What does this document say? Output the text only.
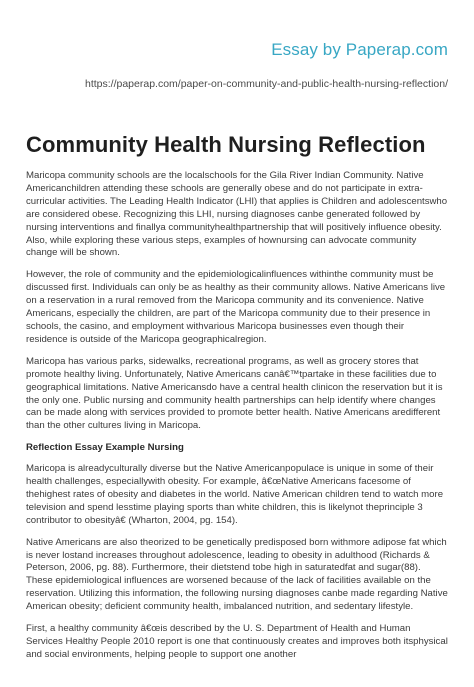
Essay by Paperap.com
https://paperap.com/paper-on-community-and-public-health-nursing-reflection/
Community Health Nursing Reflection

Maricopa community schools are the localschools for the Gila River Indian Community. Native Americanchildren attending these schools are generally obese and do not participate in extra-curricular activities. The Leading Health Indicator (LHI) that applies is Children and adolescentswho are considered obese. Recognizing this LHI, nursing diagnoses canbe generated followed by nursing interventions and finallya communityhealthpartnership that will positively influence obesity. Also, while exploring these various steps, examples of hownursing can advocate community change will be shown.

However, the role of community and the epidemiologicalinfluences withinthe community must be discussed first. Individuals can only be as healthy as their community allows. Native Americans live on a reservation in a rural removed from the Maricopa community and its convenience. Native Americans, especially the children, are part of the Maricopa community due to their presence in schools, the casino, and employment withvarious Maricopa businesses even though their residence is outside of the Maricopa geographicalregion.

Maricopa has various parks, sidewalks, recreational programs, as well as grocery stores that promote healthy living. Unfortunately, Native Americans canâ€™tpartake in these facilities due to geographical limitations. Native Americansdo have a central health clinicon the reservation but it is the only one. Public nursing and community health partnerships can help identify where changes can be made along with services provided to promote better health. Native Americans aredifferent than the other cultures living in Maricopa.

Reflection Essay Example Nursing

Maricopa is alreadyculturally diverse but the Native Americanpopulace is unique in some of their health challenges, especiallywith obesity. For example, â€œNative Americans facesome of thehighest rates of obesity and diabetes in the world. Native American children tend to watch more television and spend lesstime playing sports than white children, this is likelynot theprinciple 3 contributor to obesityâ€ (Wharton, 2004, pg. 154).

Native Americans are also theorized to be genetically predisposed born withmore adipose fat which is never lostand increases throughout adolescence, leading to obesity in adulthood (Richards & Peterson, 2006, pg. 88). Furthermore, their dietstend tobe high in saturatedfat and sugar(88). These epidemiological influences are worsened because of the lack of facilities available on the reservation. Utilizing this information, the following nursing diagnoses canbe made regarding Native American obesity; deficient community health, imbalanced nutrition, and sedentary lifestyle.

First, a healthy community â€œis described by the U. S. Department of Health and Human Services Healthy People 2010 report is one that continuously creates and improves both itsphysical and social environments, helping people to support one another
